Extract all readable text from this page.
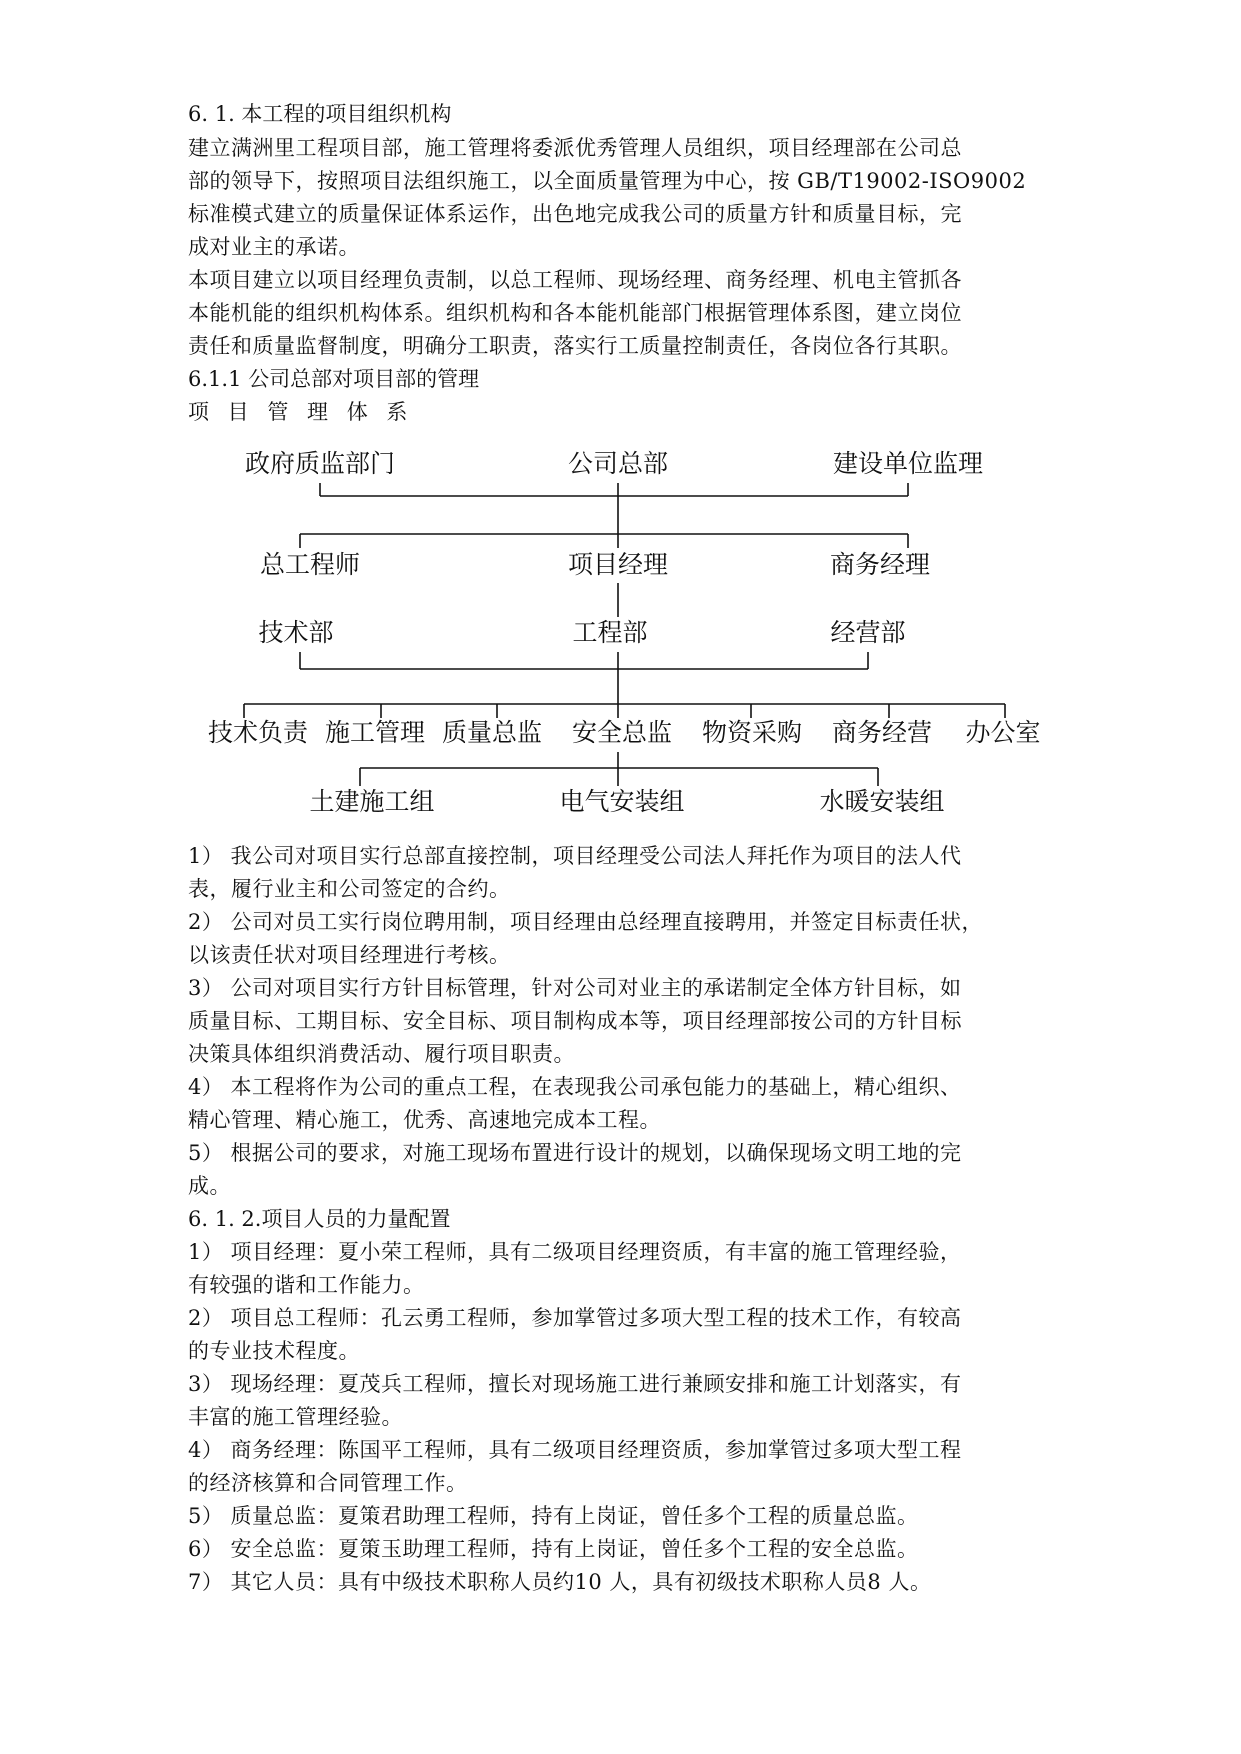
6. 1. 本工程的项目组织机构
建立满洲里工程项目部，施工管理将委派优秀管理人员组织，项目经理部在公司总
部的领导下，按照项目法组织施工，以全面质量管理为中心，按 GB/T19002-ISO9002
标准模式建立的质量保证体系运作，出色地完成我公司的质量方针和质量目标，完
成对业主的承诺。
本项目建立以项目经理负责制，以总工程师、现场经理、商务经理、机电主管抓各
本能机能的组织机构体系。组织机构和各本能机能部门根据管理体系图，建立岗位
责任和质量监督制度，明确分工职责，落实行工质量控制责任，各岗位各行其职。
6.1.1 公司总部对项目部的管理
项 目 管 理 体 系
政府质监部门	公司总部	建设单位监理
总工程师	项目经理	商务经理
技术部	工程部	经营部
技术负责 施工管理 质量总监 安全总监 物资采购 商务经营 办公室
土建施工组	电气安装组	水暖安装组
1） 我公司对项目实行总部直接控制，项目经理受公司法人拜托作为项目的法人代
表，履行业主和公司签定的合约。
2） 公司对员工实行岗位聘用制，项目经理由总经理直接聘用，并签定目标责任状，
以该责任状对项目经理进行考核。
3） 公司对项目实行方针目标管理，针对公司对业主的承诺制定全体方针目标，如
质量目标、工期目标、安全目标、项目制构成本等，项目经理部按公司的方针目标
决策具体组织消费活动、履行项目职责。
4） 本工程将作为公司的重点工程，在表现我公司承包能力的基础上，精心组织、
精心管理、精心施工，优秀、高速地完成本工程。
5） 根据公司的要求，对施工现场布置进行设计的规划，以确保现场文明工地的完
成。
6. 1. 2.项目人员的力量配置
1） 项目经理：夏小荣工程师，具有二级项目经理资质，有丰富的施工管理经验，
有较强的谐和工作能力。
2） 项目总工程师：孔云勇工程师，参加掌管过多项大型工程的技术工作，有较高
的专业技术程度。
3） 现场经理：夏茂兵工程师，擅长对现场施工进行兼顾安排和施工计划落实，有
丰富的施工管理经验。
4） 商务经理：陈国平工程师，具有二级项目经理资质，参加掌管过多项大型工程
的经济核算和合同管理工作。
5） 质量总监：夏策君助理工程师，持有上岗证，曾任多个工程的质量总监。
6） 安全总监：夏策玉助理工程师，持有上岗证，曾任多个工程的安全总监。
7） 其它人员：具有中级技术职称人员约10 人，具有初级技术职称人员8 人。
